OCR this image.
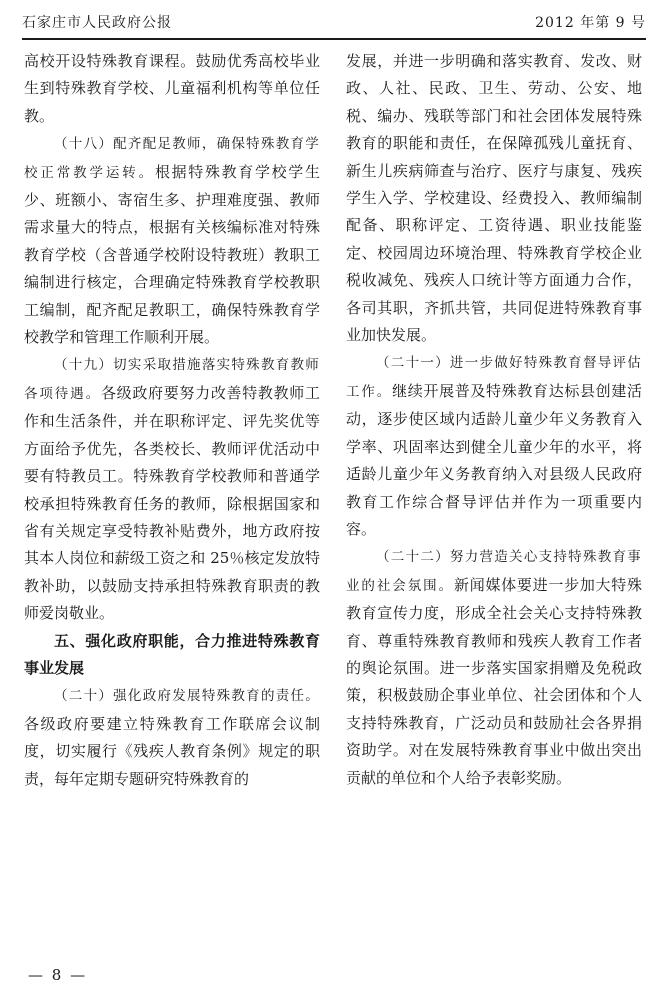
石家庄市人民政府公报	2012 年第 9 号

高校开设特殊教育课程。鼓励优秀高校毕业生到特殊教育学校、儿童福利机构等单位任教。

（十八）配齐配足教师，确保特殊教育学校正常教学运转。根据特殊教育学校学生少、班额小、寄宿生多、护理难度强、教师需求量大的特点，根据有关核编标准对特殊教育学校（含普通学校附设特教班）教职工编制进行核定，合理确定特殊教育学校教职工编制，配齐配足教职工，确保特殊教育学校教学和管理工作顺利开展。

（十九）切实采取措施落实特殊教育教师各项待遇。各级政府要努力改善特教教师工作和生活条件，并在职称评定、评先奖优等方面给予优先，各类校长、教师评优活动中要有特教员工。特殊教育学校教师和普通学校承担特殊教育任务的教师，除根据国家和省有关规定享受特教补贴费外，地方政府按其本人岗位和薪级工资之和 25％核定发放特教补助，以鼓励支持承担特殊教育职责的教师爱岗敬业。

五、强化政府职能，合力推进特殊教育事业发展

（二十）强化政府发展特殊教育的责任。各级政府要建立特殊教育工作联席会议制度，切实履行《残疾人教育条例》规定的职责，每年定期专题研究特殊教育的

发展，并进一步明确和落实教育、发改、财政、人社、民政、卫生、劳动、公安、地税、编办、残联等部门和社会团体发展特殊教育的职能和责任，在保障孤残儿童抚育、新生儿疾病筛查与治疗、医疗与康复、残疾学生入学、学校建设、经费投入、教师编制配备、职称评定、工资待遇、职业技能鉴定、校园周边环境治理、特殊教育学校企业税收减免、残疾人口统计等方面通力合作，各司其职，齐抓共管，共同促进特殊教育事业加快发展。

（二十一）进一步做好特殊教育督导评估工作。继续开展普及特殊教育达标县创建活动，逐步使区域内适龄儿童少年义务教育入学率、巩固率达到健全儿童少年的水平，将适龄儿童少年义务教育纳入对县级人民政府教育工作综合督导评估并作为一项重要内容。

（二十二）努力营造关心支持特殊教育事业的社会氛围。新闻媒体要进一步加大特殊教育宣传力度，形成全社会关心支持特殊教育、尊重特殊教育教师和残疾人教育工作者的舆论氛围。进一步落实国家捐赠及免税政策，积极鼓励企事业单位、社会团体和个人支持特殊教育，广泛动员和鼓励社会各界捐资助学。对在发展特殊教育事业中做出突出贡献的单位和个人给予表彰奖励。

— 8 —
